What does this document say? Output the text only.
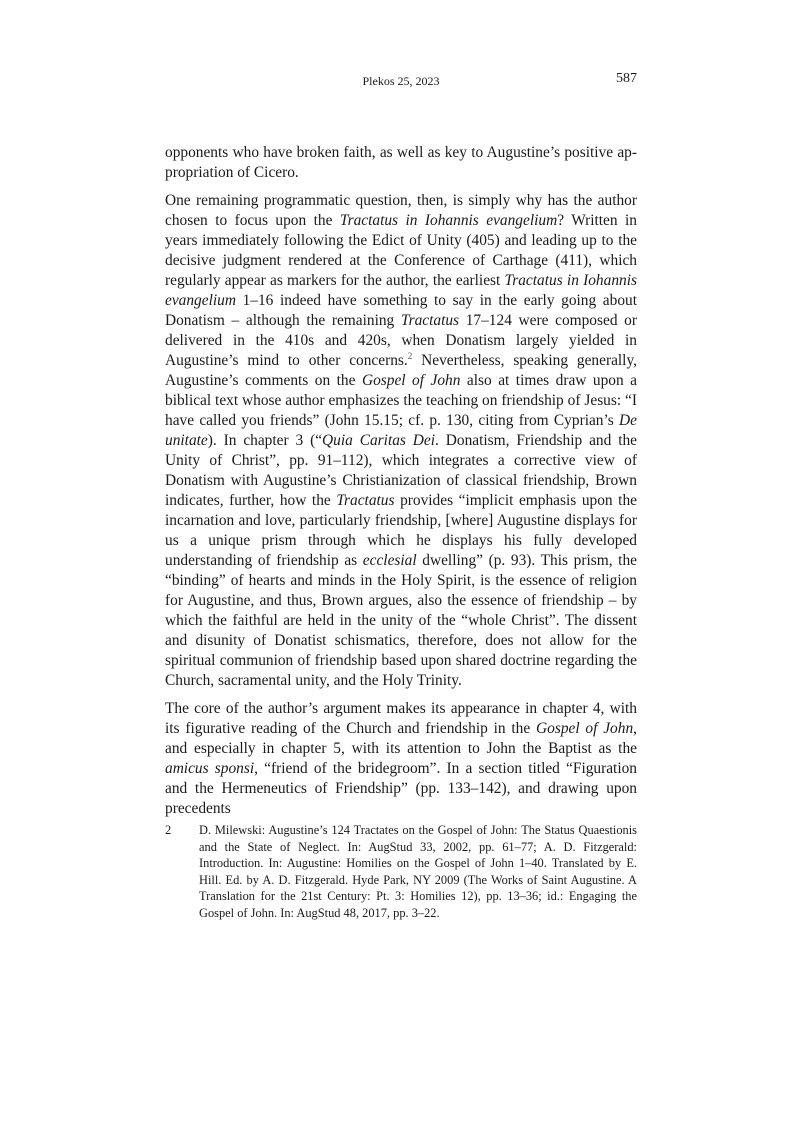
Plekos 25, 2023	587

opponents who have broken faith, as well as key to Augustine’s positive appropriation of Cicero.

One remaining programmatic question, then, is simply why has the author chosen to focus upon the Tractatus in Iohannis evangelium? Written in years immediately following the Edict of Unity (405) and leading up to the decisive judgment rendered at the Conference of Carthage (411), which regularly appear as markers for the author, the earliest Tractatus in Iohannis evangelium 1–16 indeed have something to say in the early going about Donatism – although the remaining Tractatus 17–124 were composed or delivered in the 410s and 420s, when Donatism largely yielded in Augustine’s mind to other concerns.$^2$ Nevertheless, speaking generally, Augustine’s comments on the Gospel of John also at times draw upon a biblical text whose author emphasizes the teaching on friendship of Jesus: “I have called you friends” (John 15.15; cf. p. 130, citing from Cyprian’s De unitate). In chapter 3 (“Quia Caritas Dei. Donatism, Friendship and the Unity of Christ”, pp. 91–112), which integrates a corrective view of Donatism with Augustine’s Christianization of classical friendship, Brown indicates, further, how the Tractatus provides “implicit emphasis upon the incarnation and love, particularly friendship, [where] Augustine displays for us a unique prism through which he displays his fully developed understanding of friendship as ecclesial dwelling” (p. 93). This prism, the “binding” of hearts and minds in the Holy Spirit, is the essence of religion for Augustine, and thus, Brown argues, also the essence of friendship – by which the faithful are held in the unity of the “whole Christ”. The dissent and disunity of Donatist schismatics, therefore, does not allow for the spiritual communion of friendship based upon shared doctrine regarding the Church, sacramental unity, and the Holy Trinity.

The core of the author’s argument makes its appearance in chapter 4, with its figurative reading of the Church and friendship in the Gospel of John, and especially in chapter 5, with its attention to John the Baptist as the amicus sponsi, “friend of the bridegroom”. In a section titled “Figuration and the Hermeneutics of Friendship” (pp. 133–142), and drawing upon precedents

2	D. Milewski: Augustine’s 124 Tractates on the Gospel of John: The Status Quaestionis and the State of Neglect. In: AugStud 33, 2002, pp. 61–77; A. D. Fitzgerald: Introduction. In: Augustine: Homilies on the Gospel of John 1–40. Translated by E. Hill. Ed. by A. D. Fitzgerald. Hyde Park, NY 2009 (The Works of Saint Augustine. A Translation for the 21st Century: Pt. 3: Homilies 12), pp. 13–36; id.: Engaging the Gospel of John. In: AugStud 48, 2017, pp. 3–22.
